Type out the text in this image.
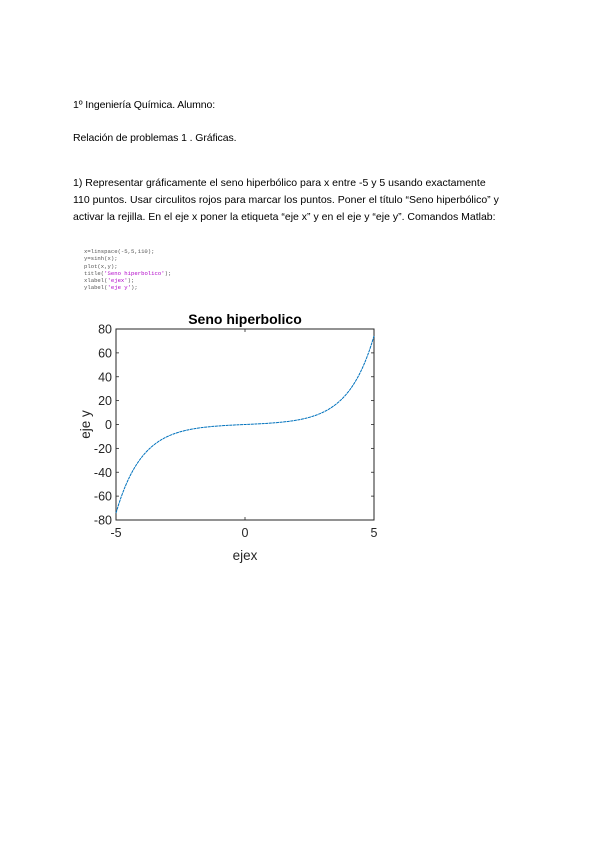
1º Ingeniería Química. Alumno:
Relación de problemas 1 . Gráficas.
1) Representar gráficamente el seno hiperbólico para x entre -5 y 5 usando exactamente
110 puntos. Usar circulitos rojos para marcar los puntos. Poner el título “Seno hiperbólico” y
activar la rejilla. En el eje x poner la etiqueta “eje x” y en el eje y “eje y”. Comandos Matlab:
x=linspace(-5,5,110);
y=sinh(x);
plot(x,y);
title('Seno hiperbolico');
xlabel('ejex');
ylabel('eje y');
-80
-60
-40
-20
0
20
40
60
80
-5	0	5
Seno hiperbolico
ejex
eje y
